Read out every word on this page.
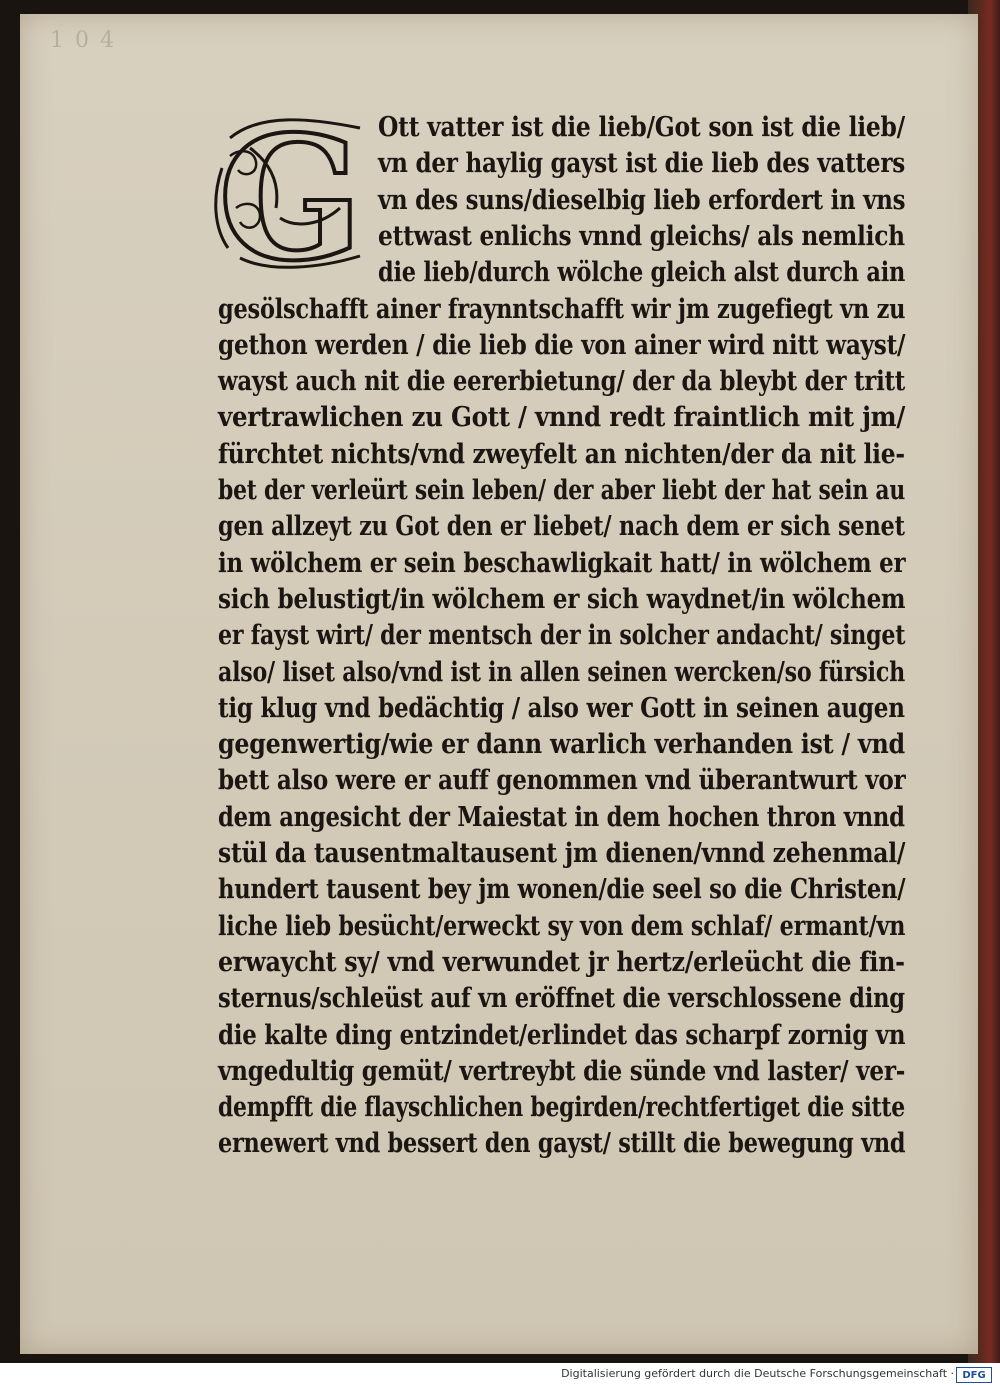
1 0 4
G Ott vatter ist die lieb/Got son ist die lieb/
vn der haylig gayst ist die lieb des vatters
vn des suns/dieselbig lieb erfordert in vns
ettwast enlichs vnnd gleichs/ als nemlich
die lieb/durch wölche gleich alst durch ain
gesölschafft ainer fraynntschafft wir jm zugefiegt vn zu
gethon werden / die lieb die von ainer wird nitt wayst/
wayst auch nit die eererbietung/ der da bleybt der tritt
vertrawlichen zu Gott / vnnd redt fraintlich mit jm/
fürchtet nichts/vnd zweyfelt an nichten/der da nit lie-
bet der verleürt sein leben/ der aber liebt der hat sein au
gen allzeyt zu Got den er liebet/ nach dem er sich senet
in wölchem er sein beschawligkait hatt/ in wölchem er
sich belustigt/in wölchem er sich waydnet/in wölchem
er fayst wirt/ der mentsch der in solcher andacht/ singet
also/ liset also/vnd ist in allen seinen wercken/so fürsich
tig klug vnd bedächtig / also wer Gott in seinen augen
gegenwertig/wie er dann warlich verhanden ist / vnd
bett also were er auff genommen vnd überantwurt vor
dem angesicht der Maiestat in dem hochen thron vnnd
stül da tausentmaltausent jm dienen/vnnd zehenmal/
hundert tausent bey jm wonen/die seel so die Christen/
liche lieb besücht/erweckt sy von dem schlaf/ ermant/vn
erwaycht sy/ vnd verwundet jr hertz/erleücht die fin-
sternus/schleüst auf vn eröffnet die verschlossene ding
die kalte ding entzindet/erlindet das scharpf zornig vn
vngedultig gemüt/ vertreybt die sünde vnd laster/ ver-
dempfft die flayschlichen begirden/rechtfertiget die sitte
ernewert vnd bessert den gayst/ stillt die bewegung vnd
Digitalisierung gefördert durch die Deutsche Forschungsgemeinschaft · DFG
